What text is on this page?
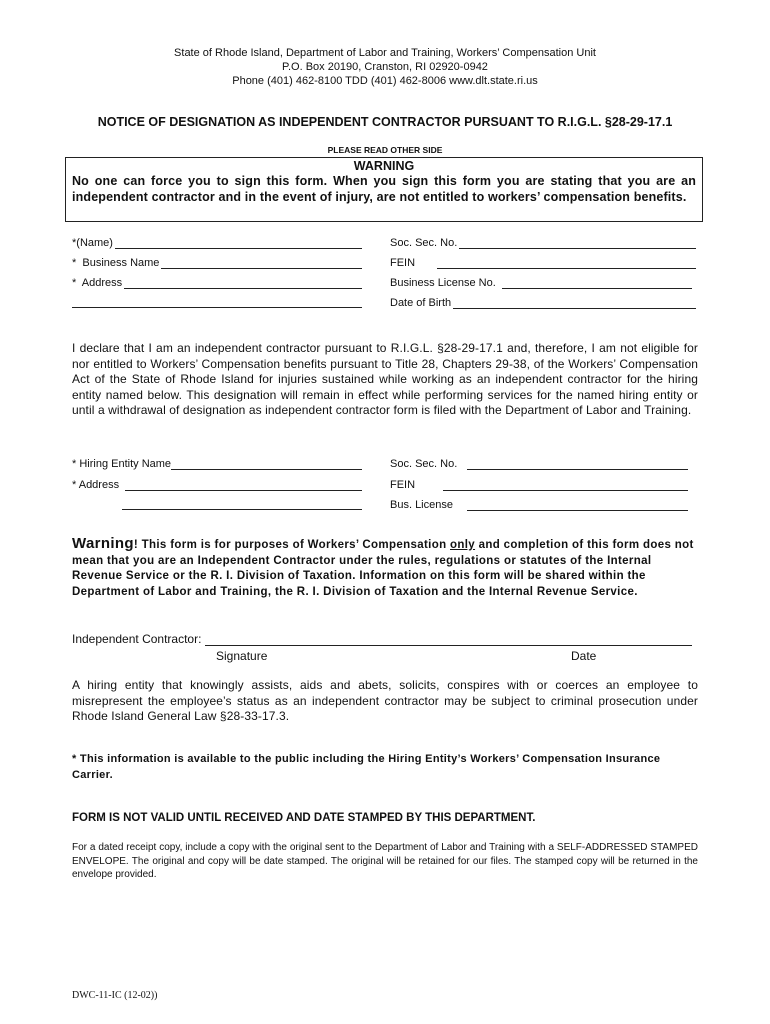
State of Rhode Island, Department of Labor and Training, Workers’ Compensation Unit
P.O. Box 20190, Cranston, RI 02920-0942
Phone (401) 462-8100 TDD (401) 462-8006 www.dlt.state.ri.us
NOTICE OF DESIGNATION AS INDEPENDENT CONTRACTOR PURSUANT TO R.I.G.L. §28-29-17.1
PLEASE READ OTHER SIDE
WARNING
No one can force you to sign this form. When you sign this form you are stating that you are an independent contractor and in the event of injury, are not entitled to workers’ compensation benefits.
*(Name)
*  Business Name
*  Address
Soc. Sec. No.
FEIN
Business License No.
Date of Birth
I declare that I am an independent contractor pursuant to R.I.G.L. §28-29-17.1 and, therefore, I am not eligible for nor entitled to Workers’ Compensation benefits pursuant to Title 28, Chapters 29-38, of the Workers’ Compensation Act of the State of Rhode Island for injuries sustained while working as an independent contractor for the hiring entity named below. This designation will remain in effect while performing services for the named hiring entity or until a withdrawal of designation as independent contractor form is filed with the Department of Labor and Training.
* Hiring Entity Name
* Address
Soc. Sec. No.
FEIN
Bus. License
Warning! This form is for purposes of Workers’ Compensation only and completion of this form does not mean that you are an Independent Contractor under the rules, regulations or statutes of the Internal Revenue Service or the R. I. Division of Taxation. Information on this form will be shared within the Department of Labor and Training, the R. I. Division of Taxation and the Internal Revenue Service.
Independent Contractor:
Signature	Date
A hiring entity that knowingly assists, aids and abets, solicits, conspires with or coerces an employee to misrepresent the employee’s status as an independent contractor may be subject to criminal prosecution under Rhode Island General Law §28-33-17.3.
* This information is available to the public including the Hiring Entity’s Workers’ Compensation Insurance Carrier.
FORM IS NOT VALID UNTIL RECEIVED AND DATE STAMPED BY THIS DEPARTMENT.
For a dated receipt copy, include a copy with the original sent to the Department of Labor and Training with a SELF-ADDRESSED STAMPED ENVELOPE. The original and copy will be date stamped. The original will be retained for our files. The stamped copy will be returned in the envelope provided.
DWC-11-IC (12-02))
